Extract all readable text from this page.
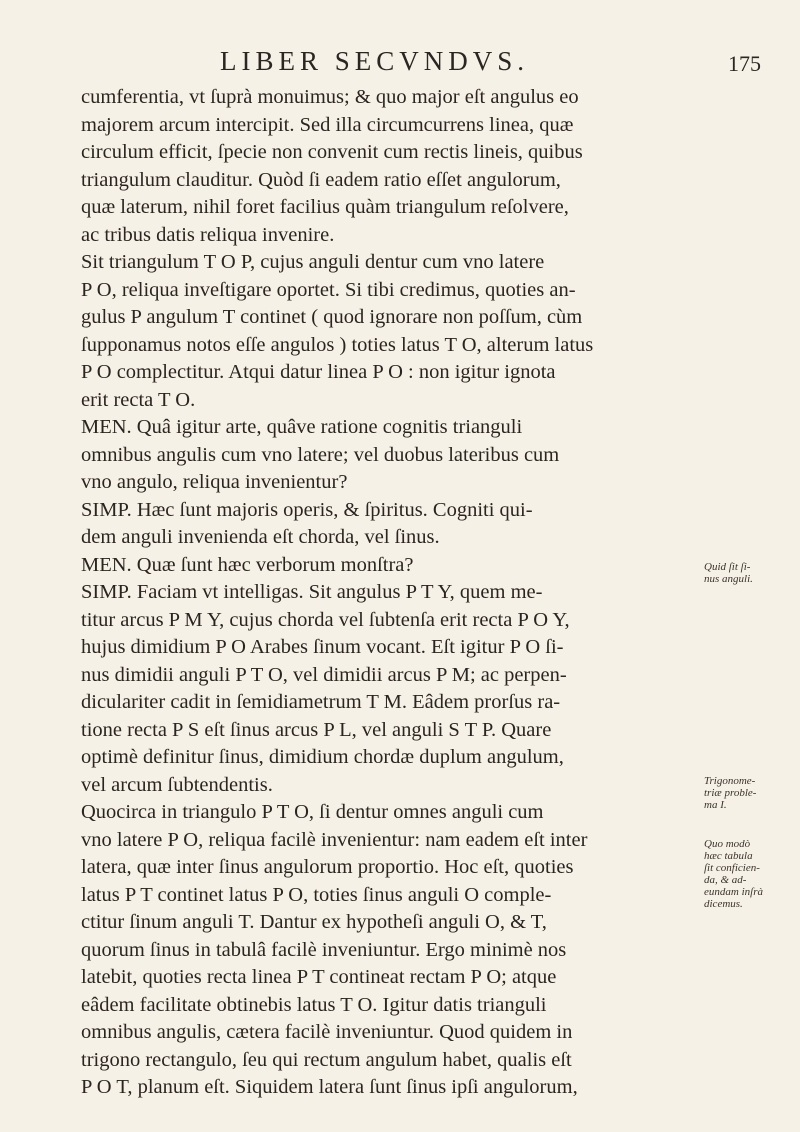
LIBER SECVNDVS.	175
cumferentia, vt ſuprà monuimus; & quo major eſt angulus eo
majorem arcum intercipit. Sed illa circumcurrens linea, quæ
circulum efficit, ſpecie non convenit cum rectis lineis, quibus
triangulum clauditur. Quòd ſi eadem ratio eſſet angulorum,
quæ laterum, nihil foret facilius quàm triangulum reſolvere,
ac tribus datis reliqua invenire.
Sit triangulum T O P, cujus anguli dentur cum vno latere
P O, reliqua inveſtigare oportet. Si tibi credimus, quoties an-
gulus P angulum T continet ( quod ignorare non poſſum, cùm
ſupponamus notos eſſe angulos ) toties latus T O, alterum latus
P O complectitur. Atqui datur linea P O : non igitur ignota
erit recta T O.
MEN. Quâ igitur arte, quâve ratione cognitis trianguli
omnibus angulis cum vno latere; vel duobus lateribus cum
vno angulo, reliqua invenientur?
SIMP. Hæc ſunt majoris operis, & ſpiritus. Cogniti qui-
dem anguli invenienda eſt chorda, vel ſinus.
MEN. Quæ ſunt hæc verborum monſtra?
SIMP. Faciam vt intelligas. Sit angulus P T Y, quem me-
titur arcus P M Y, cujus chorda vel ſubtenſa erit recta P O Y,
hujus dimidium P O Arabes ſinum vocant. Eſt igitur P O ſi-
nus dimidii anguli P T O, vel dimidii arcus P M; ac perpen-
diculariter cadit in ſemidiametrum T M. Eâdem prorſus ra-
tione recta P S eſt ſinus arcus P L, vel anguli S T P. Quare
optimè definitur ſinus, dimidium chordæ duplum angulum,
vel arcum ſubtendentis.
Quocirca in triangulo P T O, ſi dentur omnes anguli cum
vno latere P O, reliqua facilè invenientur: nam eadem eſt inter
latera, quæ inter ſinus angulorum proportio. Hoc eſt, quoties
latus P T continet latus P O, toties ſinus anguli O comple-
ctitur ſinum anguli T. Dantur ex hypotheſi anguli O, & T,
quorum ſinus in tabulâ facilè inveniuntur. Ergo minimè nos
latebit, quoties recta linea P T contineat rectam P O; atque
eâdem facilitate obtinebis latus T O. Igitur datis trianguli
omnibus angulis, cætera facilè inveniuntur. Quod quidem in
trigono rectangulo, ſeu qui rectum angulum habet, qualis eſt
P O T, planum eſt. Siquidem latera ſunt ſinus ipſi angulorum,
Quid ſit ſi-
nus anguli.
Trigonome-
triæ proble-
ma I.
Quo modò
hæc tabula
ſit conficien-
da, & ad-
eundam inſrà
dicemus.
